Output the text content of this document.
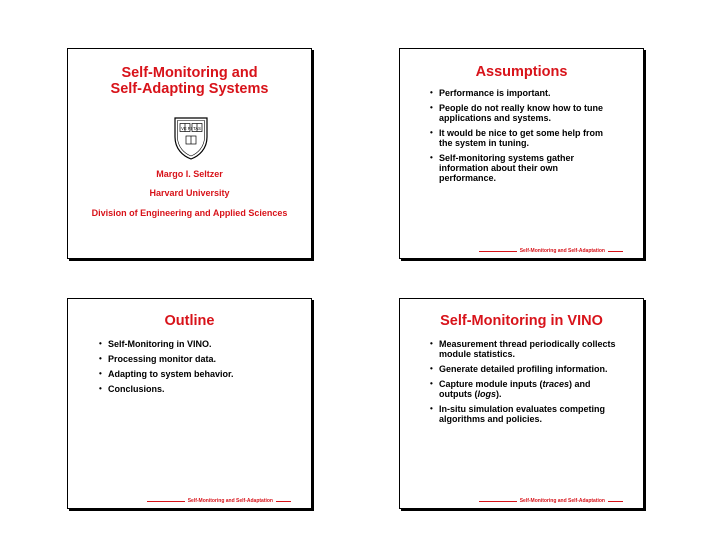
Self-Monitoring and
Self-Adapting Systems
VE RI TAS
Margo I. Seltzer
Harvard University
Division of Engineering and Applied Sciences
Assumptions
• Performance is important.
• People do not really know how to tune
applications and systems.
• It would be nice to get some help from
the system in tuning.
• Self-monitoring systems gather
information about their own
performance.
Self-Monitoring and Self-Adaptation
Outline
• Self-Monitoring in VINO.
• Processing monitor data.
• Adapting to system behavior.
• Conclusions.
Self-Monitoring and Self-Adaptation
Self-Monitoring in VINO
• Measurement thread periodically collects
module statistics.
• Generate detailed profiling information.
• Capture module inputs (traces) and
outputs (logs).
• In-situ simulation evaluates competing
algorithms and policies.
Self-Monitoring and Self-Adaptation
